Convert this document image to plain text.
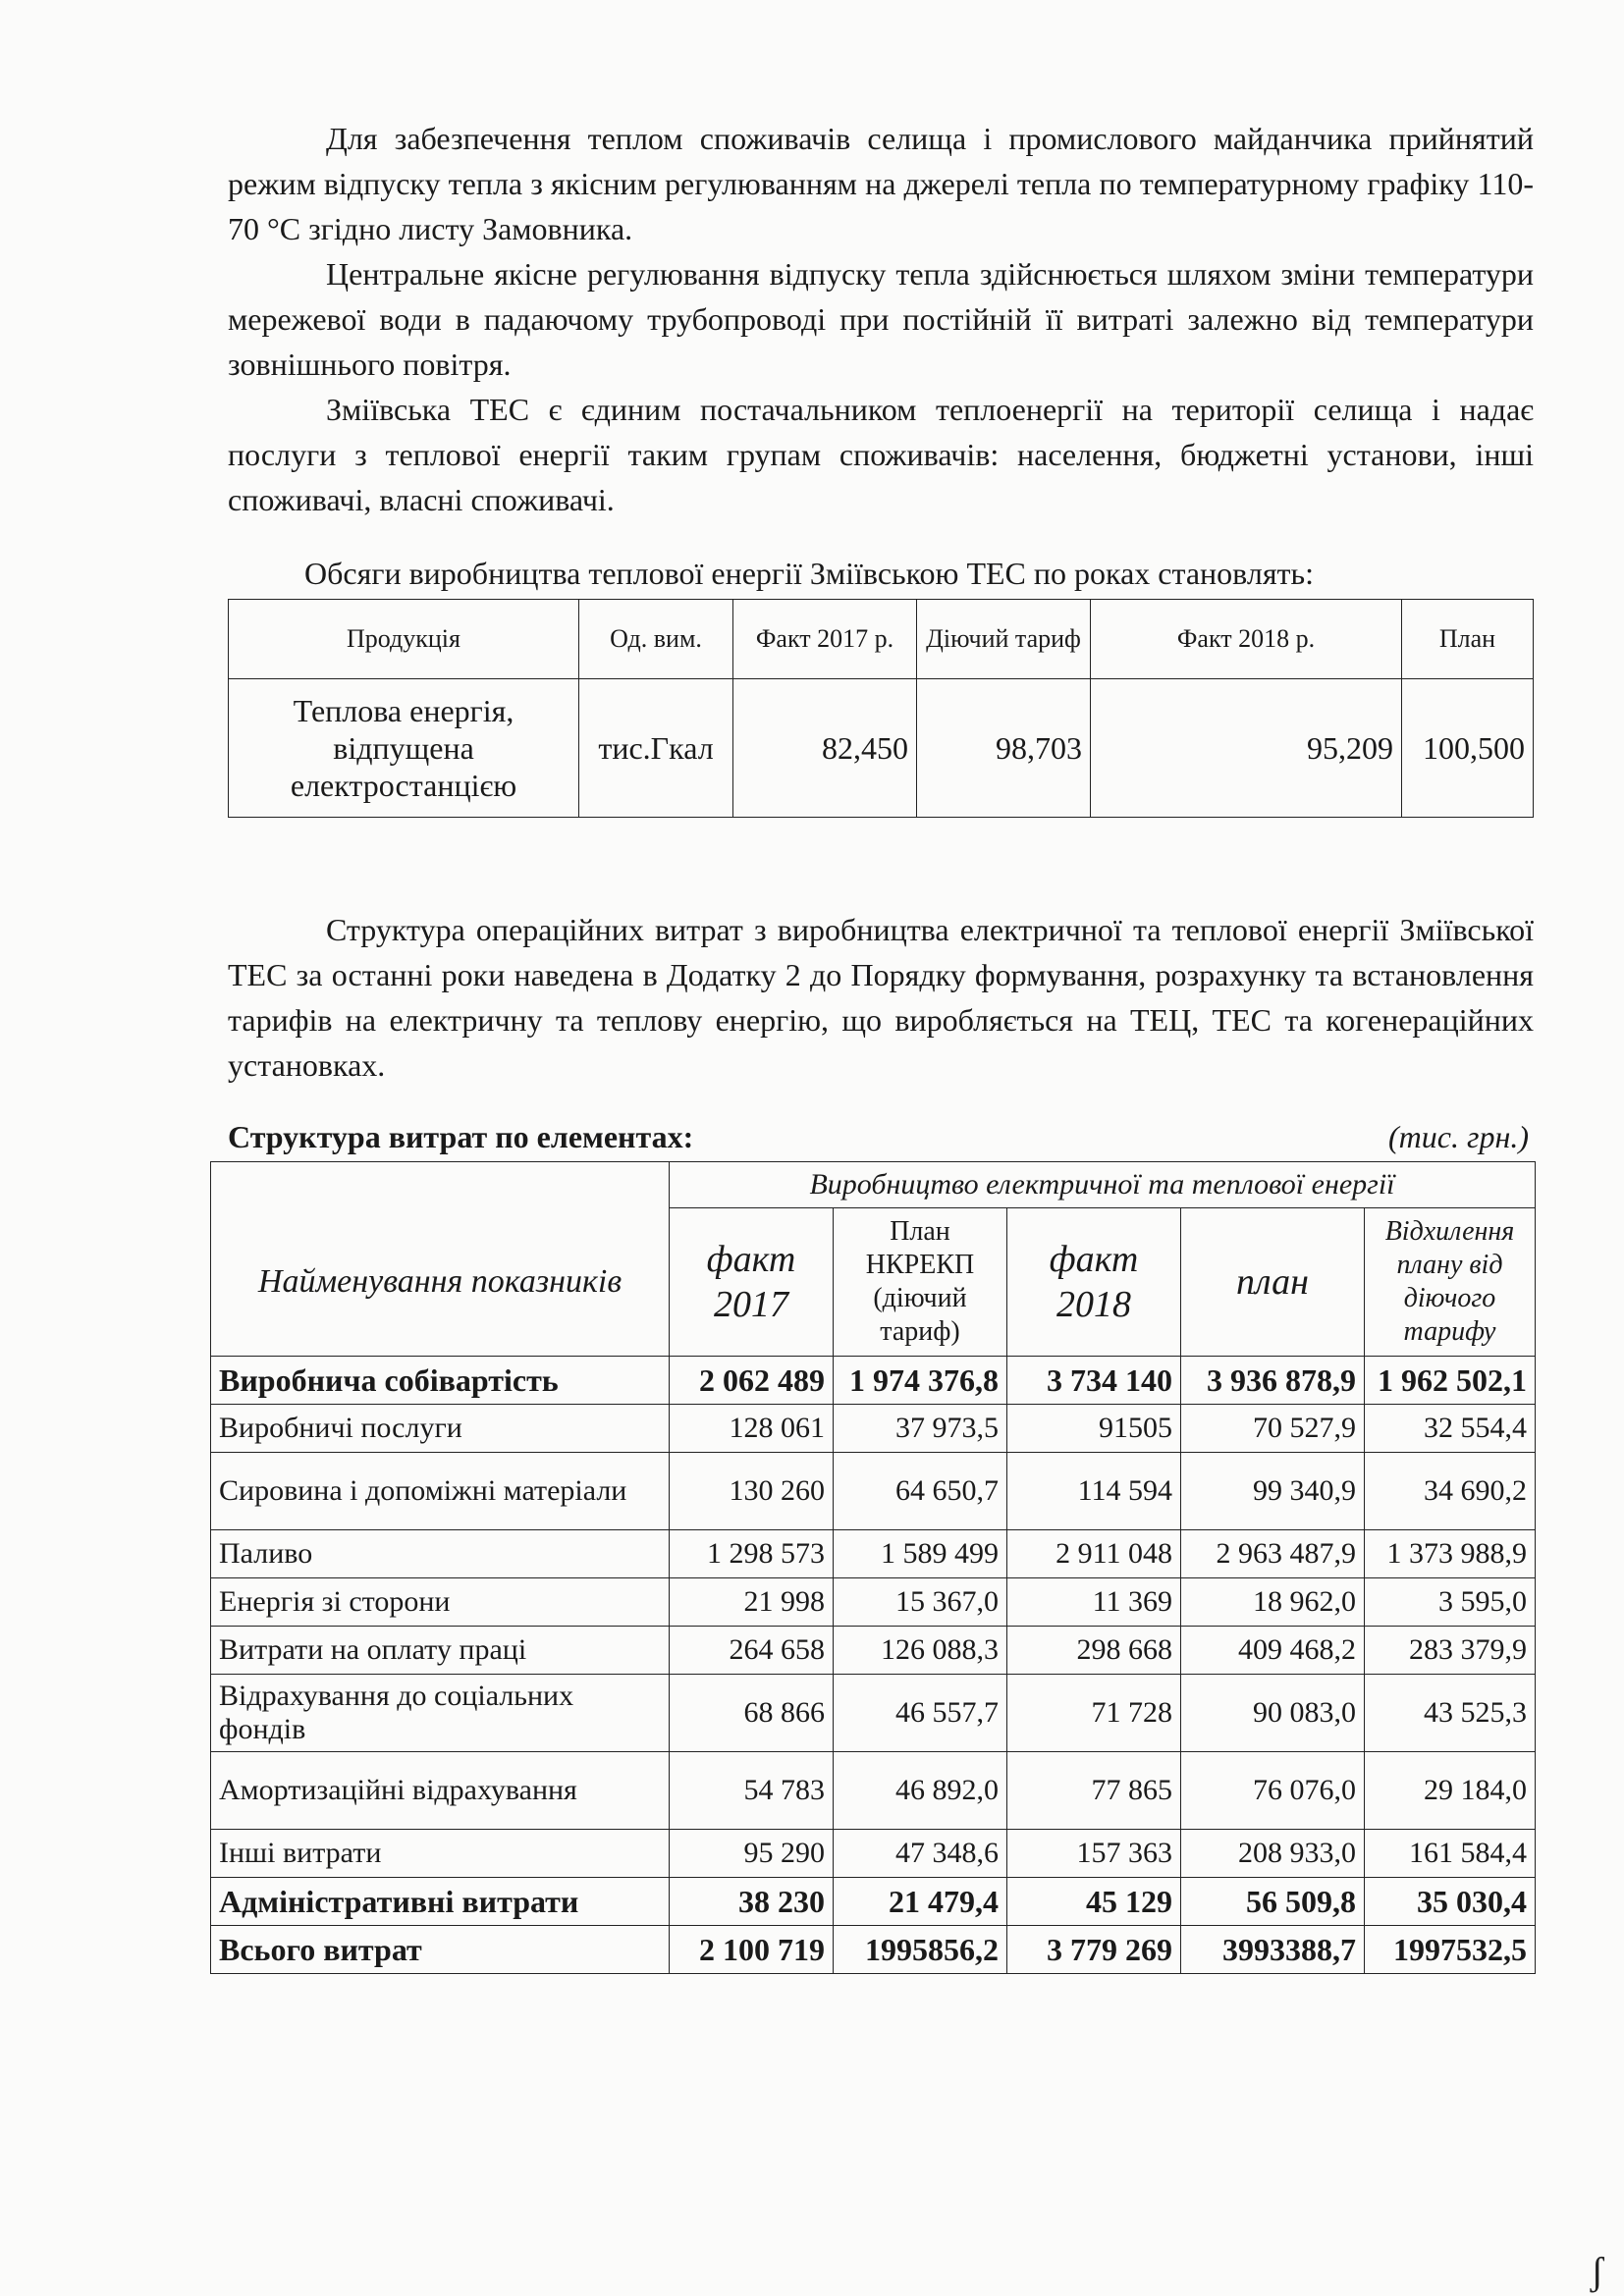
Для забезпечення теплом споживачів селища і промислового майданчика прийнятий режим відпуску тепла з якісним регулюванням на джерелі тепла по температурному графіку 110-70 °С згідно листу Замовника.

Центральне якісне регулювання відпуску тепла здійснюється шляхом зміни температури мережевої води в падаючому трубопроводі при постійній її витраті залежно від температури зовнішнього повітря.

Зміївська ТЕС є єдиним постачальником теплоенергії на території селища і надає послуги з теплової енергії таким групам споживачів: населення, бюджетні установи, інші споживачі, власні споживачі.

Обсяги виробництва теплової енергії Зміївською ТЕС по роках становлять:

Продукція	Од. вим.	Факт 2017 р.	Діючий тариф	Факт 2018 р.	План
Теплова енергія, відпущена електростанцією	тис.Гкал	82,450	98,703	95,209	100,500

Структура операційних витрат з виробництва електричної та теплової енергії Зміївської ТЕС за останні роки наведена в Додатку 2 до Порядку формування, розрахунку та встановлення тарифів на електричну та теплову енергію, що виробляється на ТЕЦ, ТЕС та когенераційних установках.

Структура витрат по елементах:	(тис. грн.)
	Виробництво електричної та теплової енергії				
Найменування показників	факт 2017	План НКРЕКП (діючий тариф)	факт 2018	план	Відхилення плану від діючого тарифу
Виробнича собівартість	2 062 489	1 974 376,8	3 734 140	3 936 878,9	1 962 502,1
Виробничі послуги	128 061	37 973,5	91505	70 527,9	32 554,4
Сировина і допоміжні матеріали	130 260	64 650,7	114 594	99 340,9	34 690,2
Паливо	1 298 573	1 589 499	2 911 048	2 963 487,9	1 373 988,9
Енергія зі сторони	21 998	15 367,0	11 369	18 962,0	3 595,0
Витрати на оплату праці	264 658	126 088,3	298 668	409 468,2	283 379,9
Відрахування до соціальних фондів	68 866	46 557,7	71 728	90 083,0	43 525,3
Амортизаційні відрахування	54 783	46 892,0	77 865	76 076,0	29 184,0
Інші витрати	95 290	47 348,6	157 363	208 933,0	161 584,4
Адміністративні витрати	38 230	21 479,4	45 129	56 509,8	35 030,4
Всього витрат	2 100 719	1995856,2	3 779 269	3993388,7	1997532,5
ʃ
